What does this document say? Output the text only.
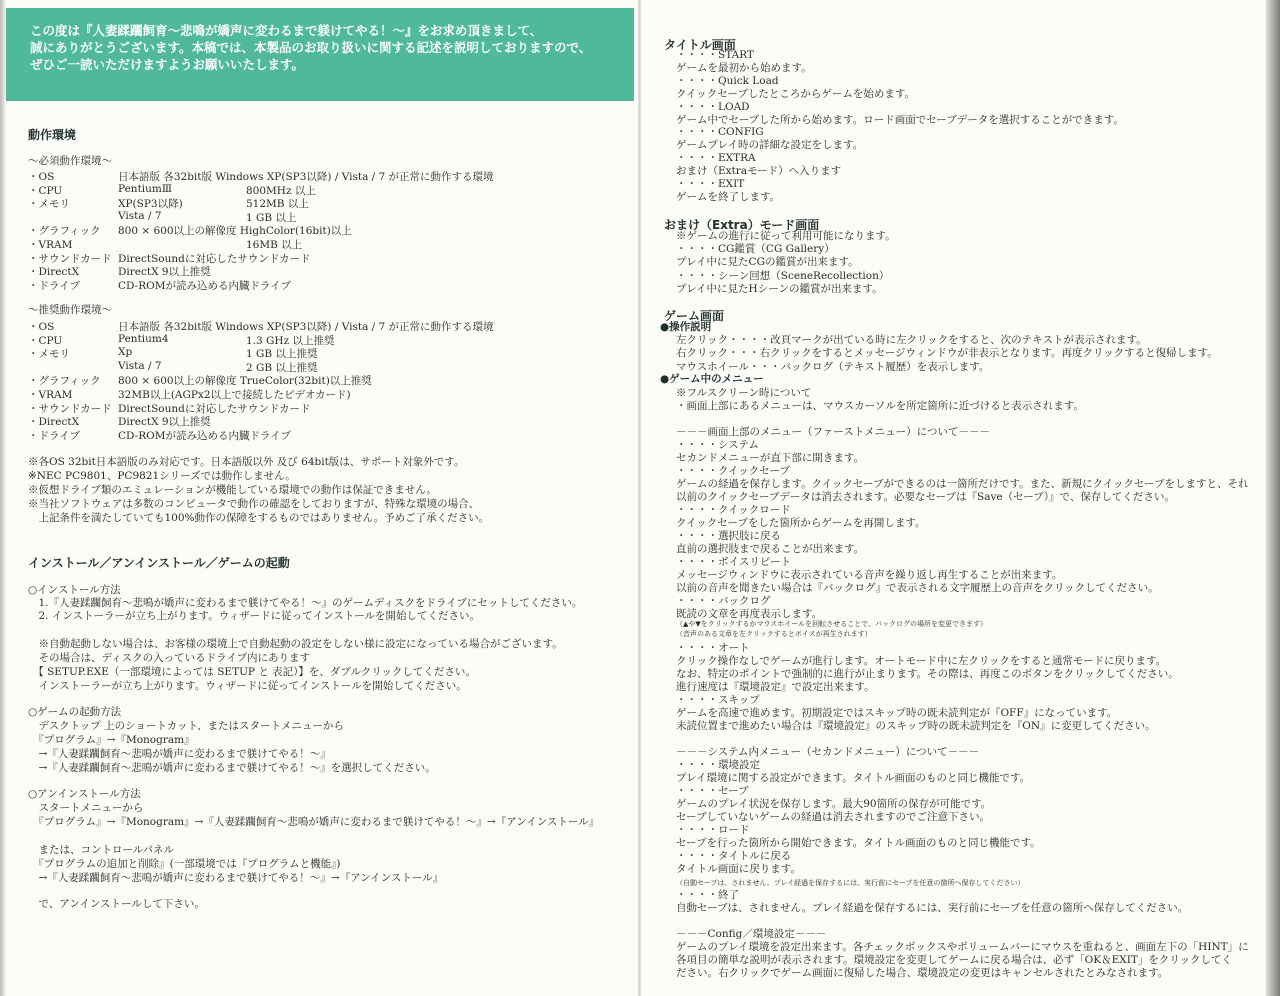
この度は『人妻蹂躙飼育～悲鳴が嬌声に変わるまで躾けてやる！～』をお求め頂きまして、
誠にありがとうございます。本稿では、本製品のお取り扱いに関する記述を説明しておりますので、
ぜひご一読いただけますようお願いいたします。
動作環境
～必須動作環境～
・OS	日本語版 各32bit版 Windows XP(SP3以降) / Vista / 7 が正常に動作する環境
・CPU	PentiumⅢ	800MHz 以上
・メモリ	XP(SP3以降)	512MB 以上
Vista / 7	1 GB 以上
・グラフィック 800 × 600以上の解像度 HighColor(16bit)以上
・VRAM	16MB 以上
・サウンドカード DirectSoundに対応したサウンドカード
・DirectX	DirectX 9以上推奨
・ドライブ	CD-ROMが読み込める内臓ドライブ
～推奨動作環境～
・OS	日本語版 各32bit版 Windows XP(SP3以降) / Vista / 7 が正常に動作する環境
・CPU	Pentium4	1.3 GHz 以上推奨
・メモリ	Xp	1 GB 以上推奨
Vista / 7	2 GB 以上推奨
・グラフィック 800 × 600以上の解像度 TrueColor(32bit)以上推奨
・VRAM	32MB以上(AGPx2以上で接続したビデオカード)
・サウンドカード DirectSoundに対応したサウンドカード
・DirectX	DirectX 9以上推奨
・ドライブ	CD-ROMが読み込める内臓ドライブ
※各OS 32bit日本語版のみ対応です。日本語版以外 及び 64bit版は、サポート対象外です。
※NEC PC9801、PC9821シリーズでは動作しません。
※仮想ドライブ類のエミュレーションが機能している環境での動作は保証できません。
※当社ソフトウェアは多数のコンピュータで動作の確認をしておりますが、特殊な環境の場合、
　上記条件を満たしていても100%動作の保障をするものではありません。予めご了承ください。
インストール／アンインストール／ゲームの起動
○インストール方法
　1.『人妻蹂躙飼育～悲鳴が嬌声に変わるまで躾けてやる！～』のゲームディスクをドライブにセットしてください。
　2. インストーラーが立ち上がります。ウィザードに従ってインストールを開始してください。
　※自動起動しない場合は、お客様の環境上で自動起動の設定をしない様に設定になっている場合がございます。
　その場合は、ディスクの入っているドライブ内にあります
　【 SETUP.EXE（一部環境によっては SETUP と 表記）】を、ダブルクリックしてください。
　インストーラーが立ち上がります。ウィザードに従ってインストールを開始してください。
○ゲームの起動方法
　デスクトップ 上のショートカット、またはスタートメニューから
　『プログラム』→『Monogram』
　→『人妻蹂躙飼育～悲鳴が嬌声に変わるまで躾けてやる！～』
　→『人妻蹂躙飼育～悲鳴が嬌声に変わるまで躾けてやる！～』を選択してください。
○アンインストール方法
　スタートメニューから
　『プログラム』→『Monogram』→『人妻蹂躙飼育～悲鳴が嬌声に変わるまで躾けてやる！～』→『アンインストール』
　または、コントロールパネル
　『プログラムの追加と削除』(一部環境では『プログラムと機能』)
　→『人妻蹂躙飼育～悲鳴が嬌声に変わるまで躾けてやる！～』→『アンインストール』
　で、アンインストールして下さい。
タイトル画面
・・・・START
ゲームを最初から始めます。
・・・・Quick Load
クイックセーブしたところからゲームを始めます。
・・・・LOAD
ゲーム中でセーブした所から始めます。ロード画面でセーブデータを選択することができます。
・・・・CONFIG
ゲームプレイ時の詳細な設定をします。
・・・・EXTRA
おまけ（Extraモード）へ入ります
・・・・EXIT
ゲームを終了します。
おまけ（Extra）モード画面
※ゲームの進行に従って利用可能になります。
・・・・CG鑑賞（CG Gallery）
プレイ中に見たCGの鑑賞が出来ます。
・・・・シーン回想（SceneRecollection）
プレイ中に見たHシーンの鑑賞が出来ます。
ゲーム画面
●操作説明
左クリック・・・・改頁マークが出ている時に左クリックをすると、次のテキストが表示されます。
右クリック・・・右クリックをするとメッセージウィンドウが非表示となります。再度クリックすると復帰します。
マウスホイール・・・バックログ（テキスト履歴）を表示します。
●ゲーム中のメニュー
※フルスクリーン時について
・画面上部にあるメニューは、マウスカーソルを所定箇所に近づけると表示されます。
－－－画面上部のメニュー（ファーストメニュー）について－－－
・・・・システム
セカンドメニューが直下部に開きます。
・・・・クイックセーブ
ゲームの経過を保存します。クイックセーブができるのは一箇所だけです。また、新規にクイックセーブをしますと、それ
以前のクイックセーブデータは消去されます。必要なセーブは『Save（セーブ）』で、保存してください。
・・・・クイックロード
クイックセーブをした箇所からゲームを再開します。
・・・・選択肢に戻る
直前の選択肢まで戻ることが出来ます。
・・・・ボイスリピート
メッセージウィンドウに表示されている音声を繰り返し再生することが出来ます。
以前の音声を聞きたい場合は『バックログ』で表示される文字履歴上の音声をクリックしてください。
・・・・バックログ
既読の文章を再度表示します。
（▲や▼をクリックするかマウスホイールを回転させることで、バックログの場所を変更できます）
（音声のある文章を左クリックするとボイスが再生されます）
・・・・オート
クリック操作なしでゲームが進行します。オートモード中に左クリックをすると通常モードに戻ります。
なお、特定のポイントで強制的に進行が止まります。その際は、再度このボタンをクリックしてください。
進行速度は『環境設定』で設定出来ます。
・・・・スキップ
ゲームを高速で進めます。初期設定ではスキップ時の既未読判定が『OFF』になっています。
未読位置まで進めたい場合は『環境設定』のスキップ時の既未読判定を『ON』に変更してください。
－－－システム内メニュー（セカンドメニュー）について－－－
・・・・環境設定
プレイ環境に関する設定ができます。タイトル画面のものと同じ機能です。
・・・・セーブ
ゲームのプレイ状況を保存します。最大90箇所の保存が可能です。
セーブしていないゲームの経過は消去されますのでご注意下さい。
・・・・ロード
セーブを行った箇所から開始できます。タイトル画面のものと同じ機能です。
・・・・タイトルに戻る
タイトル画面に戻ります。
（自動セーブは、されません。プレイ経過を保存するには、実行前にセーブを任意の箇所へ保存してください）
・・・・終了
自動セーブは、されません。プレイ経過を保存するには、実行前にセーブを任意の箇所へ保存してください。
－－－Config／環境設定－－－
ゲームのプレイ環境を設定出来ます。各チェックボックスやボリュームバーにマウスを重ねると、画面左下の「HINT」に
各項目の簡単な説明が表示されます。環境設定を変更してゲームに戻る場合は、必ず「OK＆EXIT」をクリックしてく
ださい。右クリックでゲーム画面に復帰した場合、環境設定の変更はキャンセルされたとみなされます。
